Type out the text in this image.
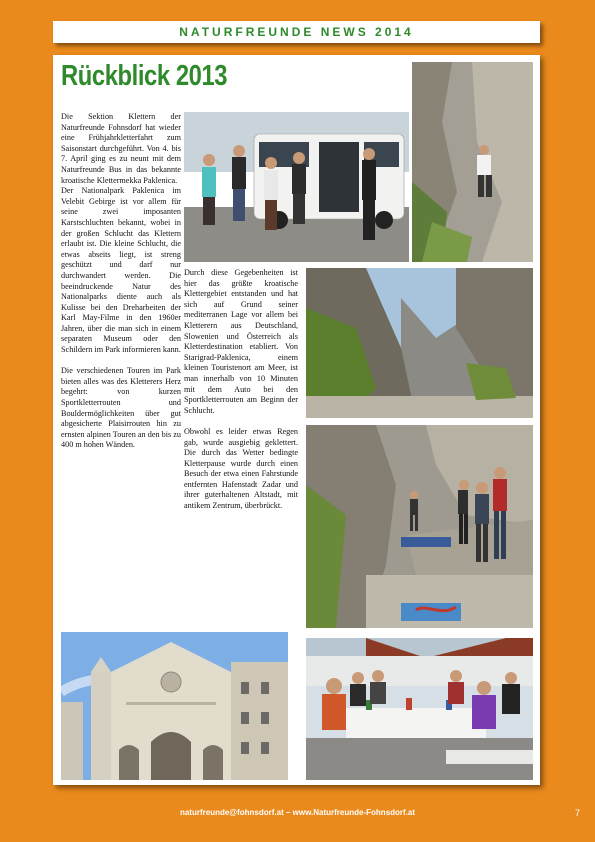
NATURFREUNDE NEWS 2014
Rückblick 2013

Die Sektion Klettern der Naturfreunde Fohnsdorf hat wieder eine Frühjahrkletterfahrt zum Saisonstart durchgeführt. Von 4. bis 7. April ging es zu neunt mit dem Naturfreunde Bus in das bekannte kroatische Klettermekka Paklenica.

Der Nationalpark Paklenica im Velebit Gebirge ist vor allem für seine zwei imposanten Karstschluchten bekannt, wobei in der großen Schlucht das Klettern erlaubt ist. Die kleine Schlucht, die etwas abseits liegt, ist streng geschützt und darf nur durchwandert werden. Die beeindruckende Natur des Nationalparks diente auch als Kulisse bei den Dreharbeiten der Karl May-Filme in den 1960er Jahren, über die man sich in einem separaten Museum oder den Schildern im Park informieren kann.

Die verschiedenen Touren im Park bieten alles was des Kletterers Herz begehrt: von kurzen Sportkletterrouten und Bouldermöglichkeiten über gut abgesicherte Plaisirrouten hin zu ernsten alpinen Touren an den bis zu 400 m hohen Wänden.

Durch diese Gegebenheiten ist hier das größte kroatische Klettergebiet entstanden und hat sich auf Grund seiner mediterranen Lage vor allem bei Kletterern aus Deutschland, Slowenien und Österreich als Kletterdestination etabliert. Von Starigrad-Paklenica, einem kleinen Touristenort am Meer, ist man innerhalb von 10 Minuten mit dem Auto bei den Sportkletterrouten am Beginn der Schlucht.

Obwohl es leider etwas Regen gab, wurde ausgiebig geklettert. Die durch das Wetter bedingte Kletterpause wurde durch einen Besuch der etwa einen Fahrstunde entfernten Hafenstadt Zadar und ihrer guterhaltenen Altstadt, mit antikem Zentrum, überbrückt.

naturfreunde@fohnsdorf.at – www.Naturfreunde-Fohnsdorf.at	7
